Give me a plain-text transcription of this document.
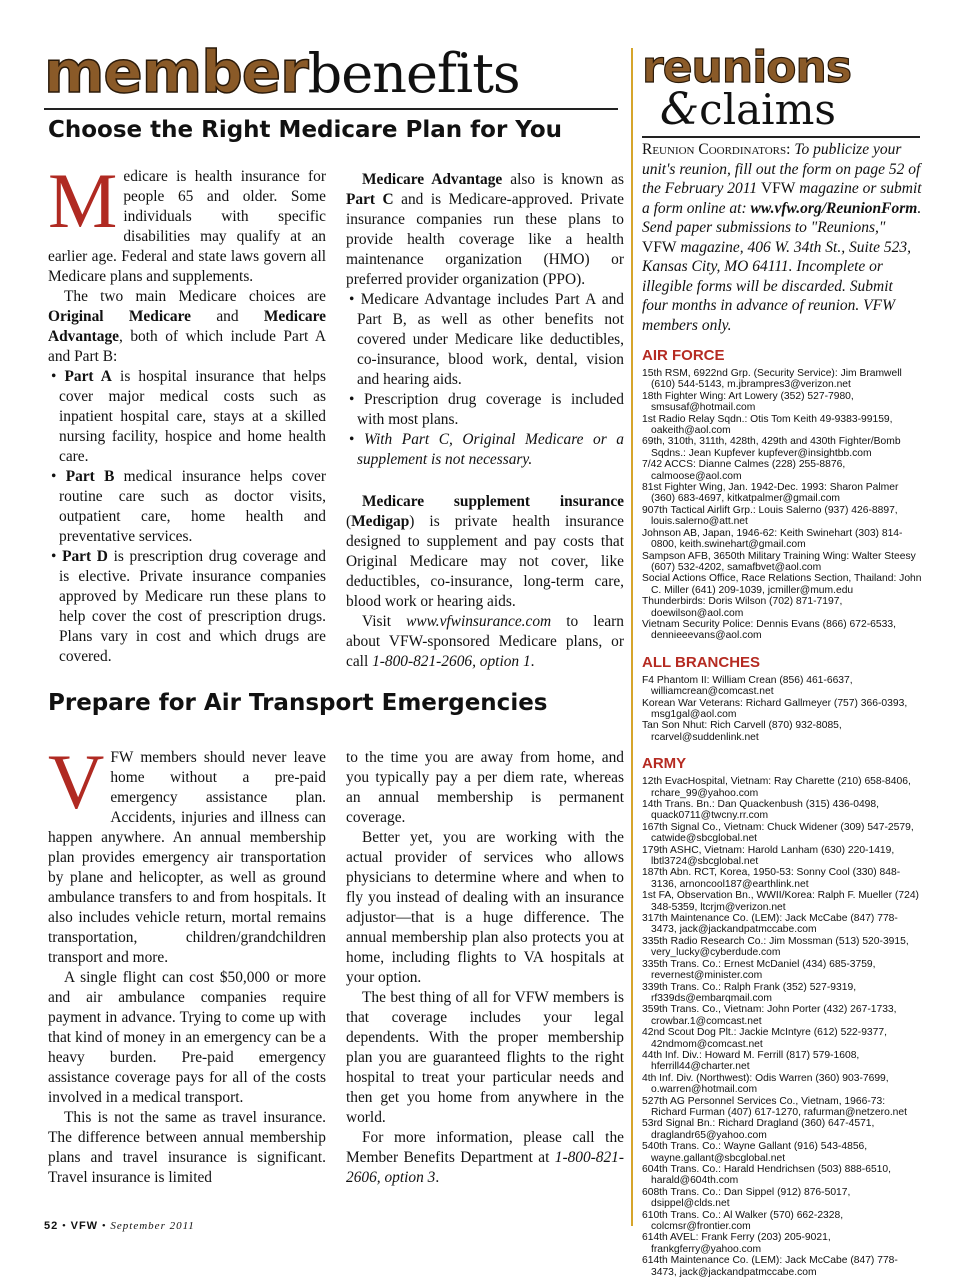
memberbenefits	reunions
&claims
Choose the Right Medicare Plan for You

Medicare is health insurance for people 65 and older. Some individuals with specific disabilities may qualify at an earlier age. Federal and state laws govern all Medicare plans and supplements.

The two main Medicare choices are Original Medicare and Medicare Advantage, both of which include Part A and Part B:

• Part A is hospital insurance that helps cover major medical costs such as inpatient hospital care, stays at a skilled nursing facility, hospice and home health care.
• Part B medical insurance helps cover routine care such as doctor visits, outpatient care, home health and preventative services.
• Part D is prescription drug coverage and is elective. Private insurance companies approved by Medicare run these plans to help cover the cost of prescription drugs. Plans vary in cost and which drugs are covered.

Medicare Advantage also is known as Part C and is Medicare-approved. Private insurance companies run these plans to provide health coverage like a health maintenance organization (HMO) or preferred provider organization (PPO).

• Medicare Advantage includes Part A and Part B, as well as other benefits not covered under Medicare like deductibles, co-insurance, blood work, dental, vision and hearing aids.
• Prescription drug coverage is included with most plans.
• With Part C, Original Medicare or a supplement is not necessary.

Medicare supplement insurance (Medigap) is private health insurance designed to supplement and pay costs that Original Medicare may not cover, like deductibles, co-insurance, long-term care, blood work or hearing aids.

Visit www.vfwinsurance.com to learn about VFW-sponsored Medicare plans, or call 1-800-821-2606, option 1.

Prepare for Air Transport Emergencies

VFW members should never leave home without a pre-paid emergency assistance plan. Accidents, injuries and illness can happen anywhere. An annual membership plan provides emergency air transportation by plane and helicopter, as well as ground ambulance transfers to and from hospitals. It also includes vehicle return, mortal remains transportation, children/grandchildren transport and more.

A single flight can cost $50,000 or more and air ambulance companies require payment in advance. Trying to come up with that kind of money in an emergency can be a heavy burden. Pre-paid emergency assistance coverage pays for all of the costs involved in a medical transport.

This is not the same as travel insurance. The difference between annual membership plans and travel insurance is significant. Travel insurance is limited

to the time you are away from home, and you typically pay a per diem rate, whereas an annual membership is permanent coverage.

Better yet, you are working with the actual provider of services who allows physicians to determine where and when to fly you instead of dealing with an insurance adjustor—that is a huge difference. The annual membership plan also protects you at home, including flights to VA hospitals at your option.

The best thing of all for VFW members is that coverage includes your legal dependents. With the proper membership plan you are guaranteed flights to the right hospital to treat your particular needs and then get you home from anywhere in the world.

For more information, please call the Member Benefits Department at 1-800-821-2606, option 3.

Reunion Coordinators: To publicize your unit's reunion, fill out the form on page 52 of the February 2011 VFW magazine or submit a form online at: ww.vfw.org/ReunionForm. Send paper submissions to "Reunions," VFW magazine, 406 W. 34th St., Suite 523, Kansas City, MO 64111. Incomplete or illegible forms will be discarded. Submit four months in advance of reunion. VFW members only.

AIR FORCE
15th RSM, 6922nd Grp. (Security Service): Jim Bramwell (610) 544-5143, m.jbrampres3@verizon.net
18th Fighter Wing: Art Lowery (352) 527-7980, smsusaf@hotmail.com
1st Radio Relay Sqdn.: Otis Tom Keith 49-9383-99159, oakeith@aol.com
69th, 310th, 311th, 428th, 429th and 430th Fighter/Bomb Sqdns.: Jean Kupfever kupfever@insightbb.com
7/42 ACCS: Dianne Calmes (228) 255-8876, calmoose@aol.com
81st Fighter Wing, Jan. 1942-Dec. 1993: Sharon Palmer (360) 683-4697, kitkatpalmer@gmail.com
907th Tactical Airlift Grp.: Louis Salerno (937) 426-8897, louis.salerno@att.net
Johnson AB, Japan, 1946-62: Keith Swinehart (303) 814-0800, keith.swinehart@gmail.com
Sampson AFB, 3650th Military Training Wing: Walter Steesy (607) 532-4202, samafbvet@aol.com
Social Actions Office, Race Relations Section, Thailand: John C. Miller (641) 209-1039, jcmiller@mum.edu
Thunderbirds: Doris Wilson (702) 871-7197, doewilson@aol.com
Vietnam Security Police: Dennis Evans (866) 672-6533, dennieeevans@aol.com
ALL BRANCHES
F4 Phantom II: William Crean (856) 461-6637, williamcrean@comcast.net
Korean War Veterans: Richard Gallmeyer (757) 366-0393, msg1gal@aol.com
Tan Son Nhut: Rich Carvell (870) 932-8085, rcarvel@suddenlink.net
ARMY
12th EvacHospital, Vietnam: Ray Charette (210) 658-8406, rchare_99@yahoo.com
14th Trans. Bn.: Dan Quackenbush (315) 436-0498, quack0711@twcny.rr.com
167th Signal Co., Vietnam: Chuck Widener (309) 547-2579, catwide@sbcglobal.net
179th ASHC, Vietnam: Harold Lanham (630) 220-1419, lbtl3724@sbcglobal.net
187th Abn. RCT, Korea, 1950-53: Sonny Cool (330) 848-3136, arnoncool187@earthlink.net
1st FA, Observation Bn., WWII/Korea: Ralph F. Mueller (724) 348-5359, ltcrjm@verizon.net
317th Maintenance Co. (LEM): Jack McCabe (847) 778-3473, jack@jackandpatmccabe.com
335th Radio Research Co.: Jim Mossman (513) 520-3915, very_lucky@cyberdude.com
335th Trans. Co.: Ernest McDaniel (434) 685-3759, revernest@minister.com
339th Trans. Co.: Ralph Frank (352) 527-9319, rf339ds@embarqmail.com
359th Trans. Co., Vietnam: John Porter (432) 267-1733, crowbar.1@comcast.net
42nd Scout Dog Plt.: Jackie McIntyre (612) 522-9377, 42ndmom@comcast.net
44th Inf. Div.: Howard M. Ferrill (817) 579-1608, hferrill44@charter.net
4th Inf. Div. (Northwest): Odis Warren (360) 903-7699, o.warren@hotmail.com
527th AG Personnel Services Co., Vietnam, 1966-73: Richard Furman (407) 617-1270, rafurman@netzero.net
53rd Signal Bn.: Richard Dragland (360) 647-4571, draglandr65@yahoo.com
540th Trans. Co.: Wayne Gallant (916) 543-4856, wayne.gallant@sbcglobal.net
604th Trans. Co.: Harald Hendrichsen (503) 888-6510, harald@604th.com
608th Trans. Co.: Dan Sippel (912) 876-5017, dsippel@clds.net
610th Trans. Co.: Al Walker (570) 662-2328, colcmsr@frontier.com
614th AVEL: Frank Ferry (203) 205-9021, frankgferry@yahoo.com
614th Maintenance Co. (LEM): Jack McCabe (847) 778-3473, jack@jackandpatmccabe.com
52 • VFW • September 2011
